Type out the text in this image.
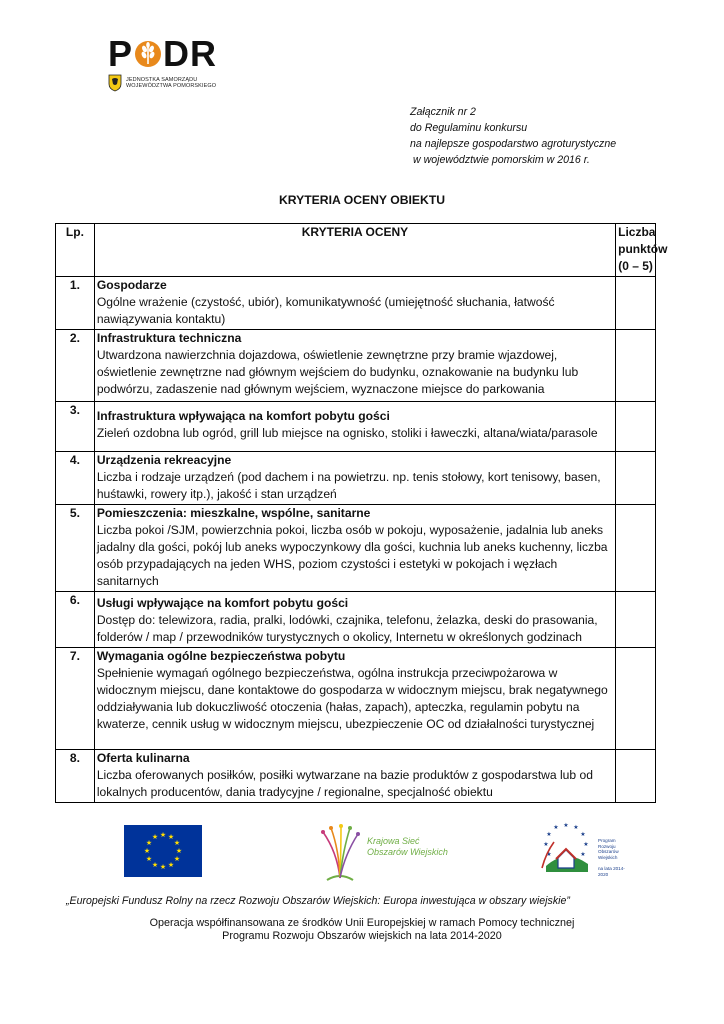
P D R
JEDNOSTKA SAMORZĄDU
WOJEWÓDZTWA POMORSKIEGO
Załącznik nr 2
do Regulaminu konkursu
na najlepsze gospodarstwo agroturystyczne
w województwie pomorskim w 2016 r.
KRYTERIA OCENY OBIEKTU
Lp.	KRYTERIA OCENY	Liczba
punktów
(0 – 5)

1.	Gospodarze
Ogólne wrażenie (czystość, ubiór), komunikatywność (umiejętność słuchania, łatwość nawiązywania kontaktu)	

2.	Infrastruktura techniczna
Utwardzona nawierzchnia dojazdowa, oświetlenie zewnętrzne przy bramie wjazdowej, oświetlenie zewnętrzne nad głównym wejściem do budynku, oznakowanie na budynku lub podwórzu, zadaszenie nad głównym wejściem, wyznaczone miejsce do parkowania	

3.	Infrastruktura wpływająca na komfort pobytu gości
Zieleń ozdobna lub ogród, grill lub miejsce na ognisko, stoliki i ławeczki, altana/wiata/parasole	

4.	Urządzenia rekreacyjne
Liczba i rodzaje urządzeń (pod dachem i na powietrzu. np. tenis stołowy, kort tenisowy, basen, huśtawki, rowery itp.), jakość i stan urządzeń	

5.	Pomieszczenia: mieszkalne, wspólne, sanitarne
Liczba pokoi /SJM, powierzchnia pokoi, liczba osób w pokoju, wyposażenie, jadalnia lub aneks jadalny dla gości, pokój lub aneks wypoczynkowy dla gości, kuchnia lub aneks kuchenny, liczba osób przypadających na jeden WHS, poziom czystości i estetyki w pokojach i węzłach sanitarnych	

6.	Usługi wpływające na komfort pobytu gości
Dostęp do: telewizora, radia, pralki, lodówki, czajnika, telefonu, żelazka, deski do prasowania, folderów / map / przewodników turystycznych o okolicy, Internetu w określonych godzinach	

7.	Wymagania ogólne bezpieczeństwa pobytu
Spełnienie wymagań ogólnego bezpieczeństwa, ogólna instrukcja przeciwpożarowa w widocznym miejscu, dane kontaktowe do gospodarza w widocznym miejscu, brak negatywnego oddziaływania lub dokuczliwość otoczenia (hałas, zapach), apteczka, regulamin pobytu na kwaterze, cennik usług w widocznym miejscu, ubezpieczenie OC od działalności turystycznej	

8.	Oferta kulinarna
Liczba oferowanych posiłków, posiłki wytwarzane na bazie produktów z gospodarstwa lub od lokalnych producentów, dania tradycyjne / regionalne, specjalność obiektu	

★ ★
★
★
★
★
★
★
★
★
★
★	Krajowa Sieć
Obszarów Wiejskich
★ ★
★
★
★
★
★
★
★
Program
Rozwoju
Obszarów
Wiejskich

na lata 2014-2020
„Europejski Fundusz Rolny na rzecz Rozwoju Obszarów Wiejskich: Europa inwestująca w obszary wiejskie”
Operacja współfinansowana ze środków Unii Europejskiej w ramach Pomocy technicznej
Programu Rozwoju Obszarów wiejskich na lata 2014-2020
